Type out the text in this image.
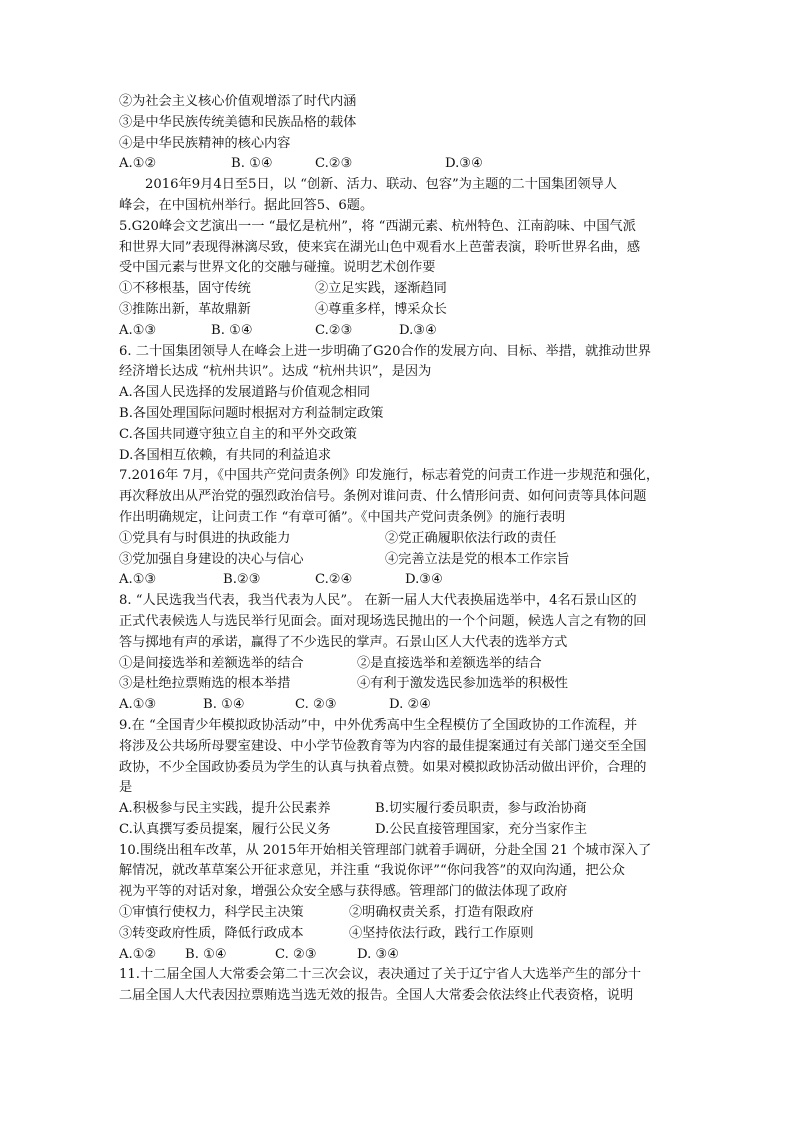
②为社会主义核心价值观增添了时代内涵
③是中华民族传统美德和民族品格的载体
④是中华民族精神的核心内容
A.①②	B. ①④	C.②③	D.③④
2016年9月4日至5日，以 “创新、活力、联动、包容”为主题的二十国集团领导人
峰会，在中国杭州举行。据此回答5、6题。
5.G20峰会文艺演出一一 “最忆是杭州”，将 “西湖元素、杭州特色、江南韵味、中国气派
和世界大同”表现得淋漓尽致，使来宾在湖光山色中观看水上芭蕾表演，聆听世界名曲，感
受中国元素与世界文化的交融与碰撞。说明艺术创作要
①不移根基，固守传统	②立足实践，逐渐趋同
③推陈出新，革故鼎新	④尊重多样，博采众长
A.①③	B. ①④	C.②③	D.③④
6. 二十国集团领导人在峰会上进一步明确了G20合作的发展方向、目标、举措，就推动世界
经济增长达成 “杭州共识”。达成 “杭州共识”，是因为
A.各国人民选择的发展道路与价值观念相同
B.各国处理国际问题时根据对方利益制定政策
C.各国共同遵守独立自主的和平外交政策
D.各国相互依赖，有共同的利益追求
7.2016年 7月，《中国共产党问责条例》印发施行，标志着党的问责工作进一步规范和强化，
再次释放出从严治党的强烈政治信号。条例对谁问责、什么情形问责、如何问责等具体问题
作出明确规定，让问责工作 “有章可循”。《中国共产党问责条例》的施行表明
①党具有与时俱进的执政能力	②党正确履职依法行政的责任
③党加强自身建设的决心与信心	④完善立法是党的根本工作宗旨
A.①③	B.②③	C.②④	D.③④
8. “人民选我当代表，我当代表为人民”。 在新一届人大代表换届选举中，4名石景山区的
正式代表候选人与选民举行见面会。面对现场选民抛出的一个个问题，候选人言之有物的回
答与掷地有声的承诺，赢得了不少选民的掌声。石景山区人大代表的选举方式
①是间接选举和差额选举的结合	②是直接选举和差额选举的结合
③是杜绝拉票贿选的根本举措	④有利于激发选民参加选举的积极性
A.①③	B. ①④	C. ②③	D. ②④
9.在 “全国青少年模拟政协活动”中，中外优秀高中生全程模仿了全国政协的工作流程，并
将涉及公共场所母婴室建设、中小学节俭教育等为内容的最佳提案通过有关部门递交至全国
政协，不少全国政协委员为学生的认真与执着点赞。如果对模拟政协活动做出评价，合理的
是
A.积极参与民主实践，提升公民素养	B.切实履行委员职责，参与政治协商
C.认真撰写委员提案，履行公民义务	D.公民直接管理国家，充分当家作主
10.围绕出租车改革，从 2015年开始相关管理部门就着手调研，分赴全国 21 个城市深入了
解情况，就改革草案公开征求意见，并注重 “我说你评”“你问我答”的双向沟通，把公众
视为平等的对话对象，增强公众安全感与获得感。管理部门的做法体现了政府
①审慎行使权力，科学民主决策	②明确权责关系，打造有限政府
③转变政府性质，降低行政成本	④坚持依法行政，践行工作原则
A.①②	B. ①④	C. ②③	D. ③④
11.十二届全国人大常委会第二十三次会议，表决通过了关于辽宁省人大选举产生的部分十
二届全国人大代表因拉票贿选当选无效的报告。全国人大常委会依法终止代表资格，说明
